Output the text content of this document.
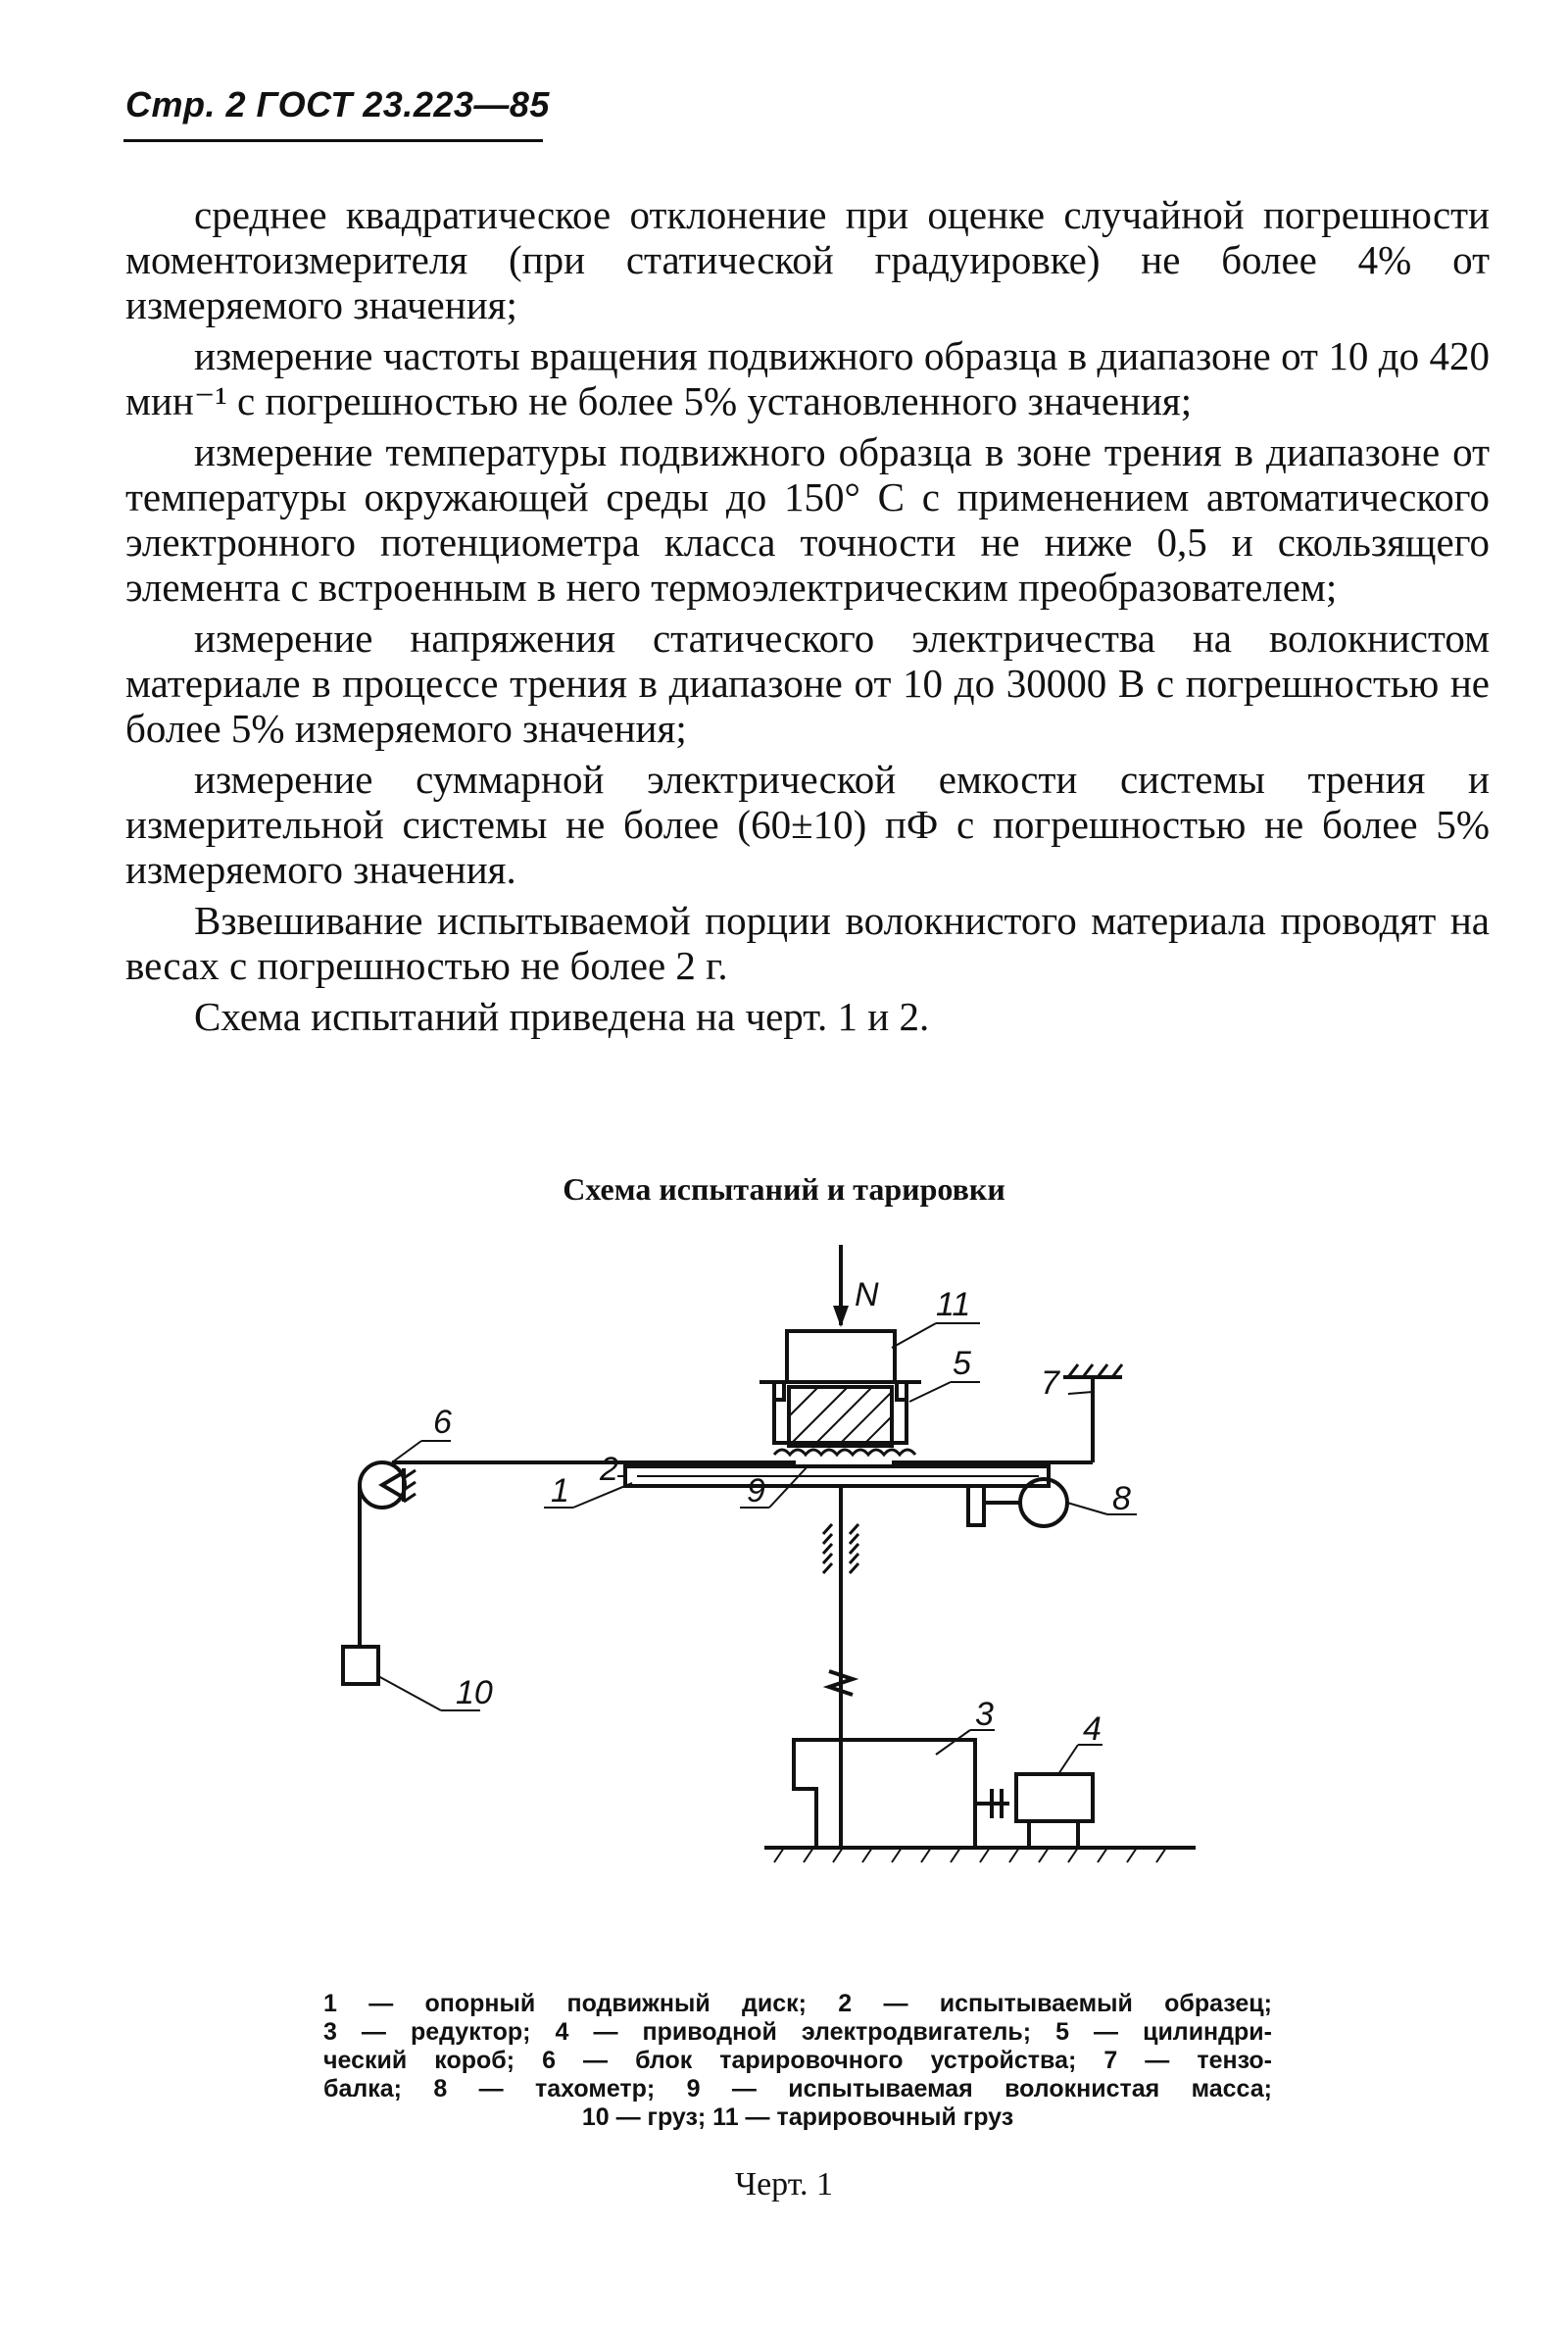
Стр. 2 ГОСТ 23.223—85

среднее квадратическое отклонение при оценке случайной погрешности моментоизмерителя (при статической градуировке) не более 4% от измеряемого значения;

измерение частоты вращения подвижного образца в диапазоне от 10 до 420 мин⁻¹ с погрешностью не более 5% установленного значения;

измерение температуры подвижного образца в зоне трения в диапазоне от температуры окружающей среды до 150° С с применением автоматического электронного потенциометра класса точности не ниже 0,5 и скользящего элемента с встроенным в него термоэлектрическим преобразователем;

измерение напряжения статического электричества на волокнистом материале в процессе трения в диапазоне от 10 до 30000 В с погрешностью не более 5% измеряемого значения;

измерение суммарной электрической емкости системы трения и измерительной системы не более (60±10) пФ с погрешностью не более 5% измеряемого значения.

Взвешивание испытываемой порции волокнистого материала проводят на весах с погрешностью не более 2 г.

Схема испытаний приведена на черт. 1 и 2.

Схема испытаний и тарировки
N 11
5
7
6
2
1	9	8
10
3	4
1 — опорный подвижный диск; 2 — испытываемый образец;
3 — редуктор; 4 — приводной электродвигатель; 5 — цилиндри-
ческий короб; 6 — блок тарировочного устройства; 7 — тензо-
балка; 8 — тахометр; 9 — испытываемая волокнистая масса;
10 — груз; 11 — тарировочный груз
Черт. 1
